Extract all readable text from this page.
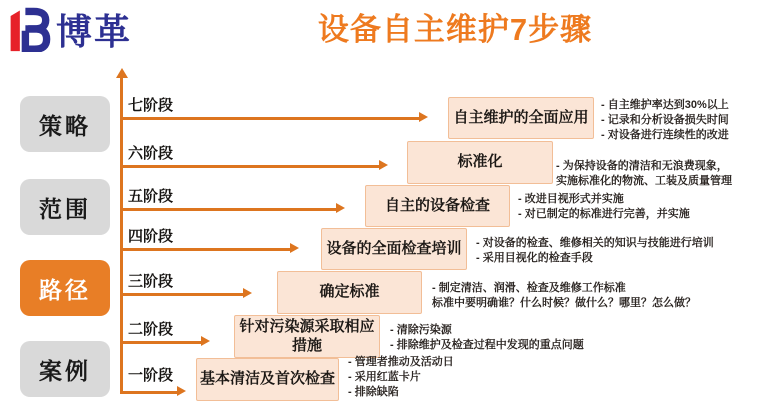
博革	设备自主维护7步骤
策略
范围
路径
案例
七阶段
自主维护的全面应用
- 自主维护率达到30%以上
- 记录和分析设备损失时间
- 对设备进行连续性的改进
六阶段	标准化	- 为保持设备的清洁和无浪费现象，
实施标准化的物流、工装及质量管理
五阶段
自主的设备检查	- 改进目视形式并实施
- 对已制定的标准进行完善，并实施
四阶段
设备的全面检查培训 - 对设备的检查、维修相关的知识与技能进行培训
- 采用目视化的检查手段
三阶段
确定标准	- 制定清洁、润滑、检查及维修工作标准
标准中要明确谁？什么时候？做什么？哪里？怎么做？
二阶段	针对污染源采取相应措施
- 清除污染源
- 排除维护及检查过程中发现的重点问题
一阶段 基本清洁及首次检查
- 管理者推动及活动日
- 采用红蓝卡片
- 排除缺陷
